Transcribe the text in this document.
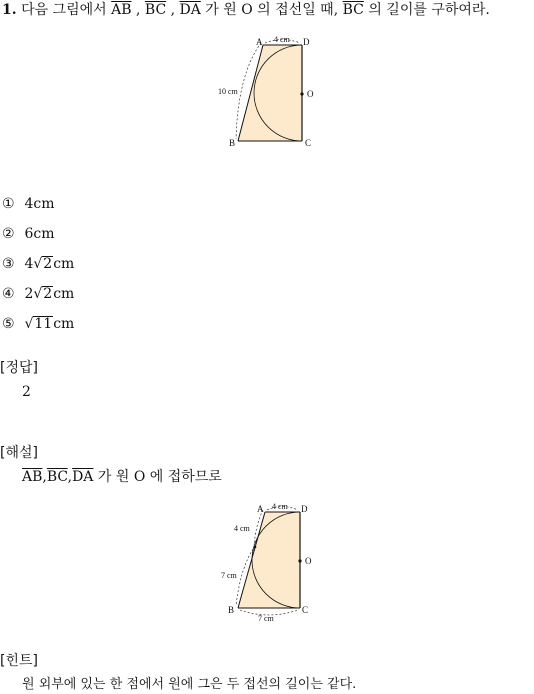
1. 다음 그림에서 $\overline{AB}$ , $\overline{BC}$ , $\overline{DA}$ 가 원 O 의 접선일 때, $\overline{BC}$ 의 길이를 구하여라.
A	D
B	C
O
4 cm
10 cm
① 4cm
② 6cm
③ 4√2cm
④ 2√2cm
⑤ √11cm
[정답]
2
[해설]
$\overline{AB},\overline{BC},\overline{DA}$ 가 원 O 에 접하므로
A	D
B	C
O
4 cm
4 cm
7 cm
7 cm
[힌트]
원 외부에 있는 한 점에서 원에 그은 두 접선의 길이는 같다.
